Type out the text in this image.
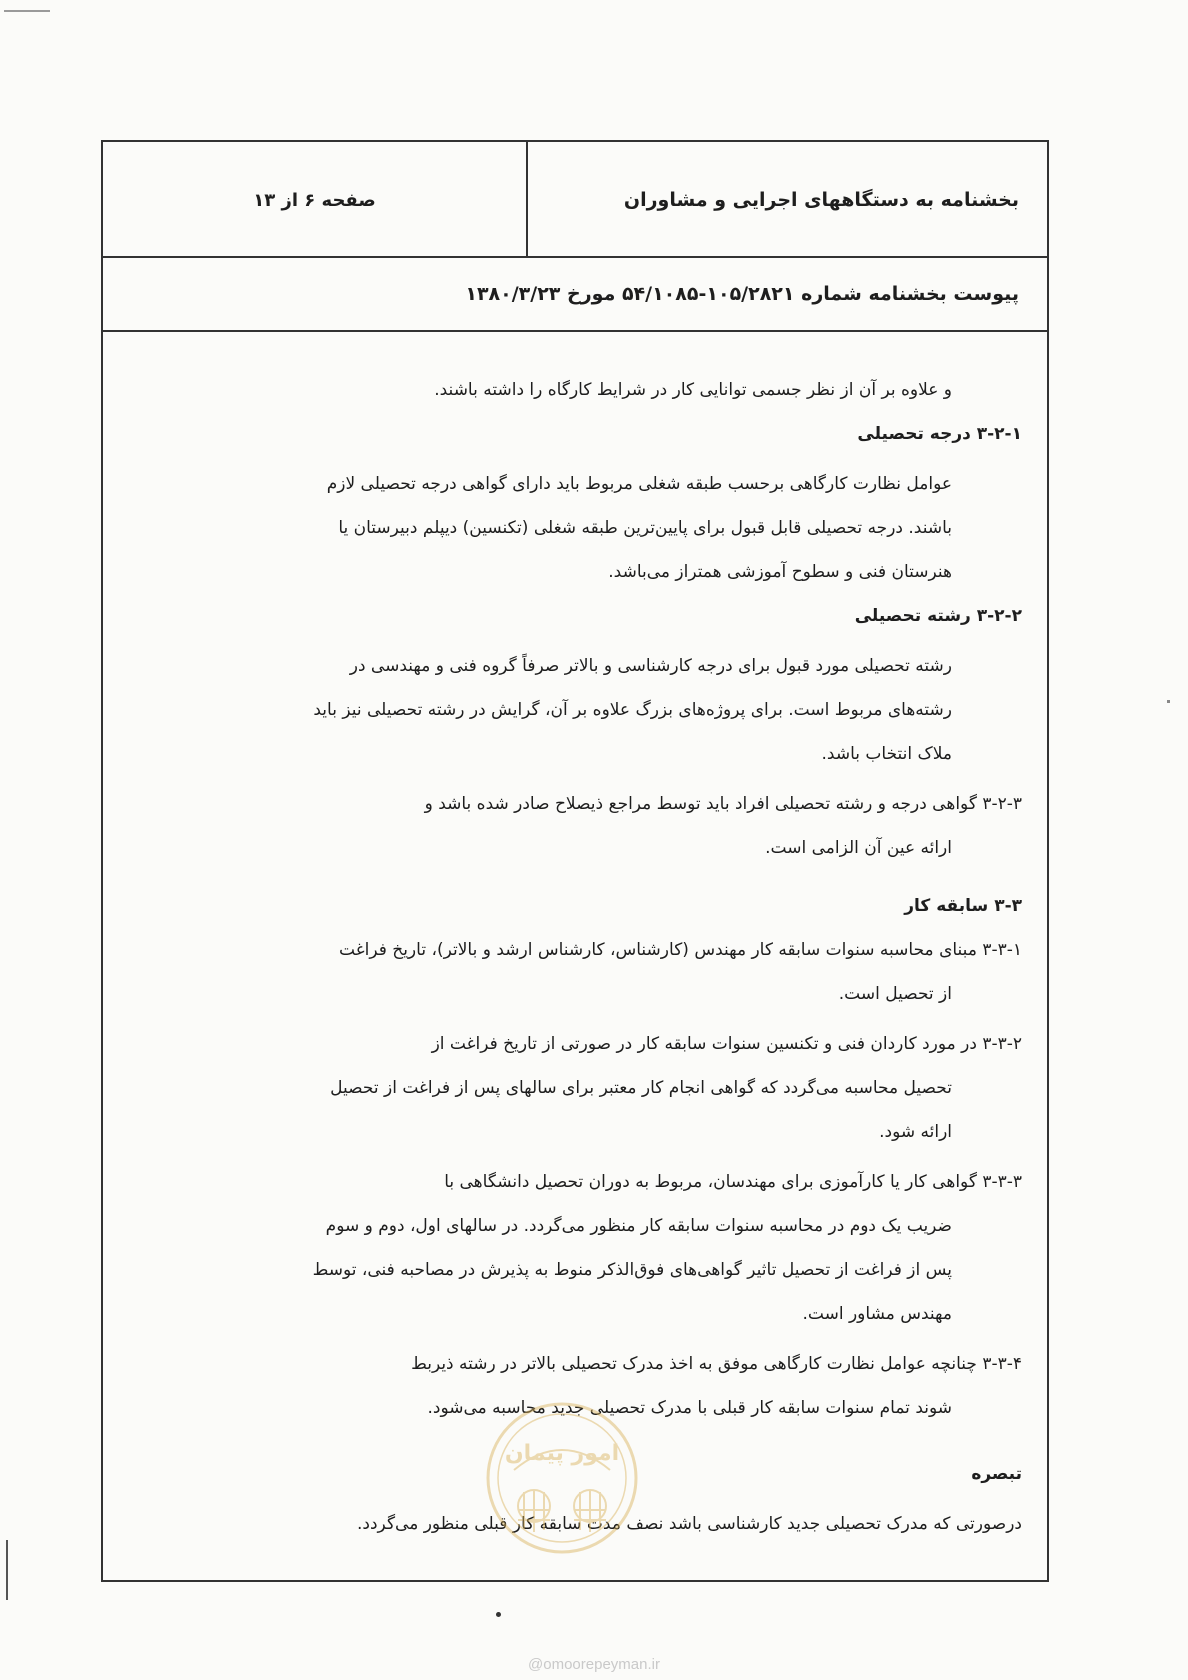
بخشنامه به دستگاههای اجرایی و مشاوران
صفحه ۶ از ۱۳
پیوست بخشنامه شماره ۱۰۵/۲۸۲۱-۵۴/۱۰۸۵ مورخ ۱۳۸۰/۳/۲۳

و علاوه بر آن از نظر جسمی توانایی کار در شرایط کارگاه را داشته باشند.

۳-۲-۱ درجه تحصیلی

عوامل نظارت کارگاهی برحسب طبقه شغلی مربوط باید دارای گواهی درجه تحصیلی لازم

باشند. درجه تحصیلی قابل قبول برای پایین‌ترین طبقه شغلی (تکنسین) دیپلم دبیرستان یا

هنرستان فنی و سطوح آموزشی همتراز می‌باشد.

۳-۲-۲ رشته تحصیلی

رشته تحصیلی مورد قبول برای درجه کارشناسی و بالاتر صرفاً گروه فنی و مهندسی در

رشته‌های مربوط است. برای پروژه‌های بزرگ علاوه بر آن، گرایش در رشته تحصیلی نیز باید

ملاک انتخاب باشد.

۳-۲-۳ گواهی درجه و رشته تحصیلی افراد باید توسط مراجع ذیصلاح صادر شده باشد و

ارائه عین آن الزامی است.

۳-۳ سابقه کار

۳-۳-۱ مبنای محاسبه سنوات سابقه کار مهندس (کارشناس، کارشناس ارشد و بالاتر)، تاریخ فراغت

از تحصیل است.

۳-۳-۲ در مورد کاردان فنی و تکنسین سنوات سابقه کار در صورتی از تاریخ فراغت از

تحصیل محاسبه می‌گردد که گواهی انجام کار معتبر برای سالهای پس از فراغت از تحصیل

ارائه شود.

۳-۳-۳ گواهی کار یا کارآموزی برای مهندسان، مربوط به دوران تحصیل دانشگاهی با

ضریب یک دوم در محاسبه سنوات سابقه کار منظور می‌گردد. در سالهای اول، دوم و سوم

پس از فراغت از تحصیل تاثیر گواهی‌های فوق‌الذکر منوط به پذیرش در مصاحبه فنی، توسط

مهندس مشاور است.

۳-۳-۴ چنانچه عوامل نظارت کارگاهی موفق به اخذ مدرک تحصیلی بالاتر در رشته ذیربط

شوند تمام سنوات سابقه کار قبلی با مدرک تحصیلی جدید محاسبه می‌شود.

تبصره

درصورتی که مدرک تحصیلی جدید کارشناسی باشد نصف مدت سابقه کار قبلی منظور می‌گردد.

امور پیمان
@omoorepeyman.ir
